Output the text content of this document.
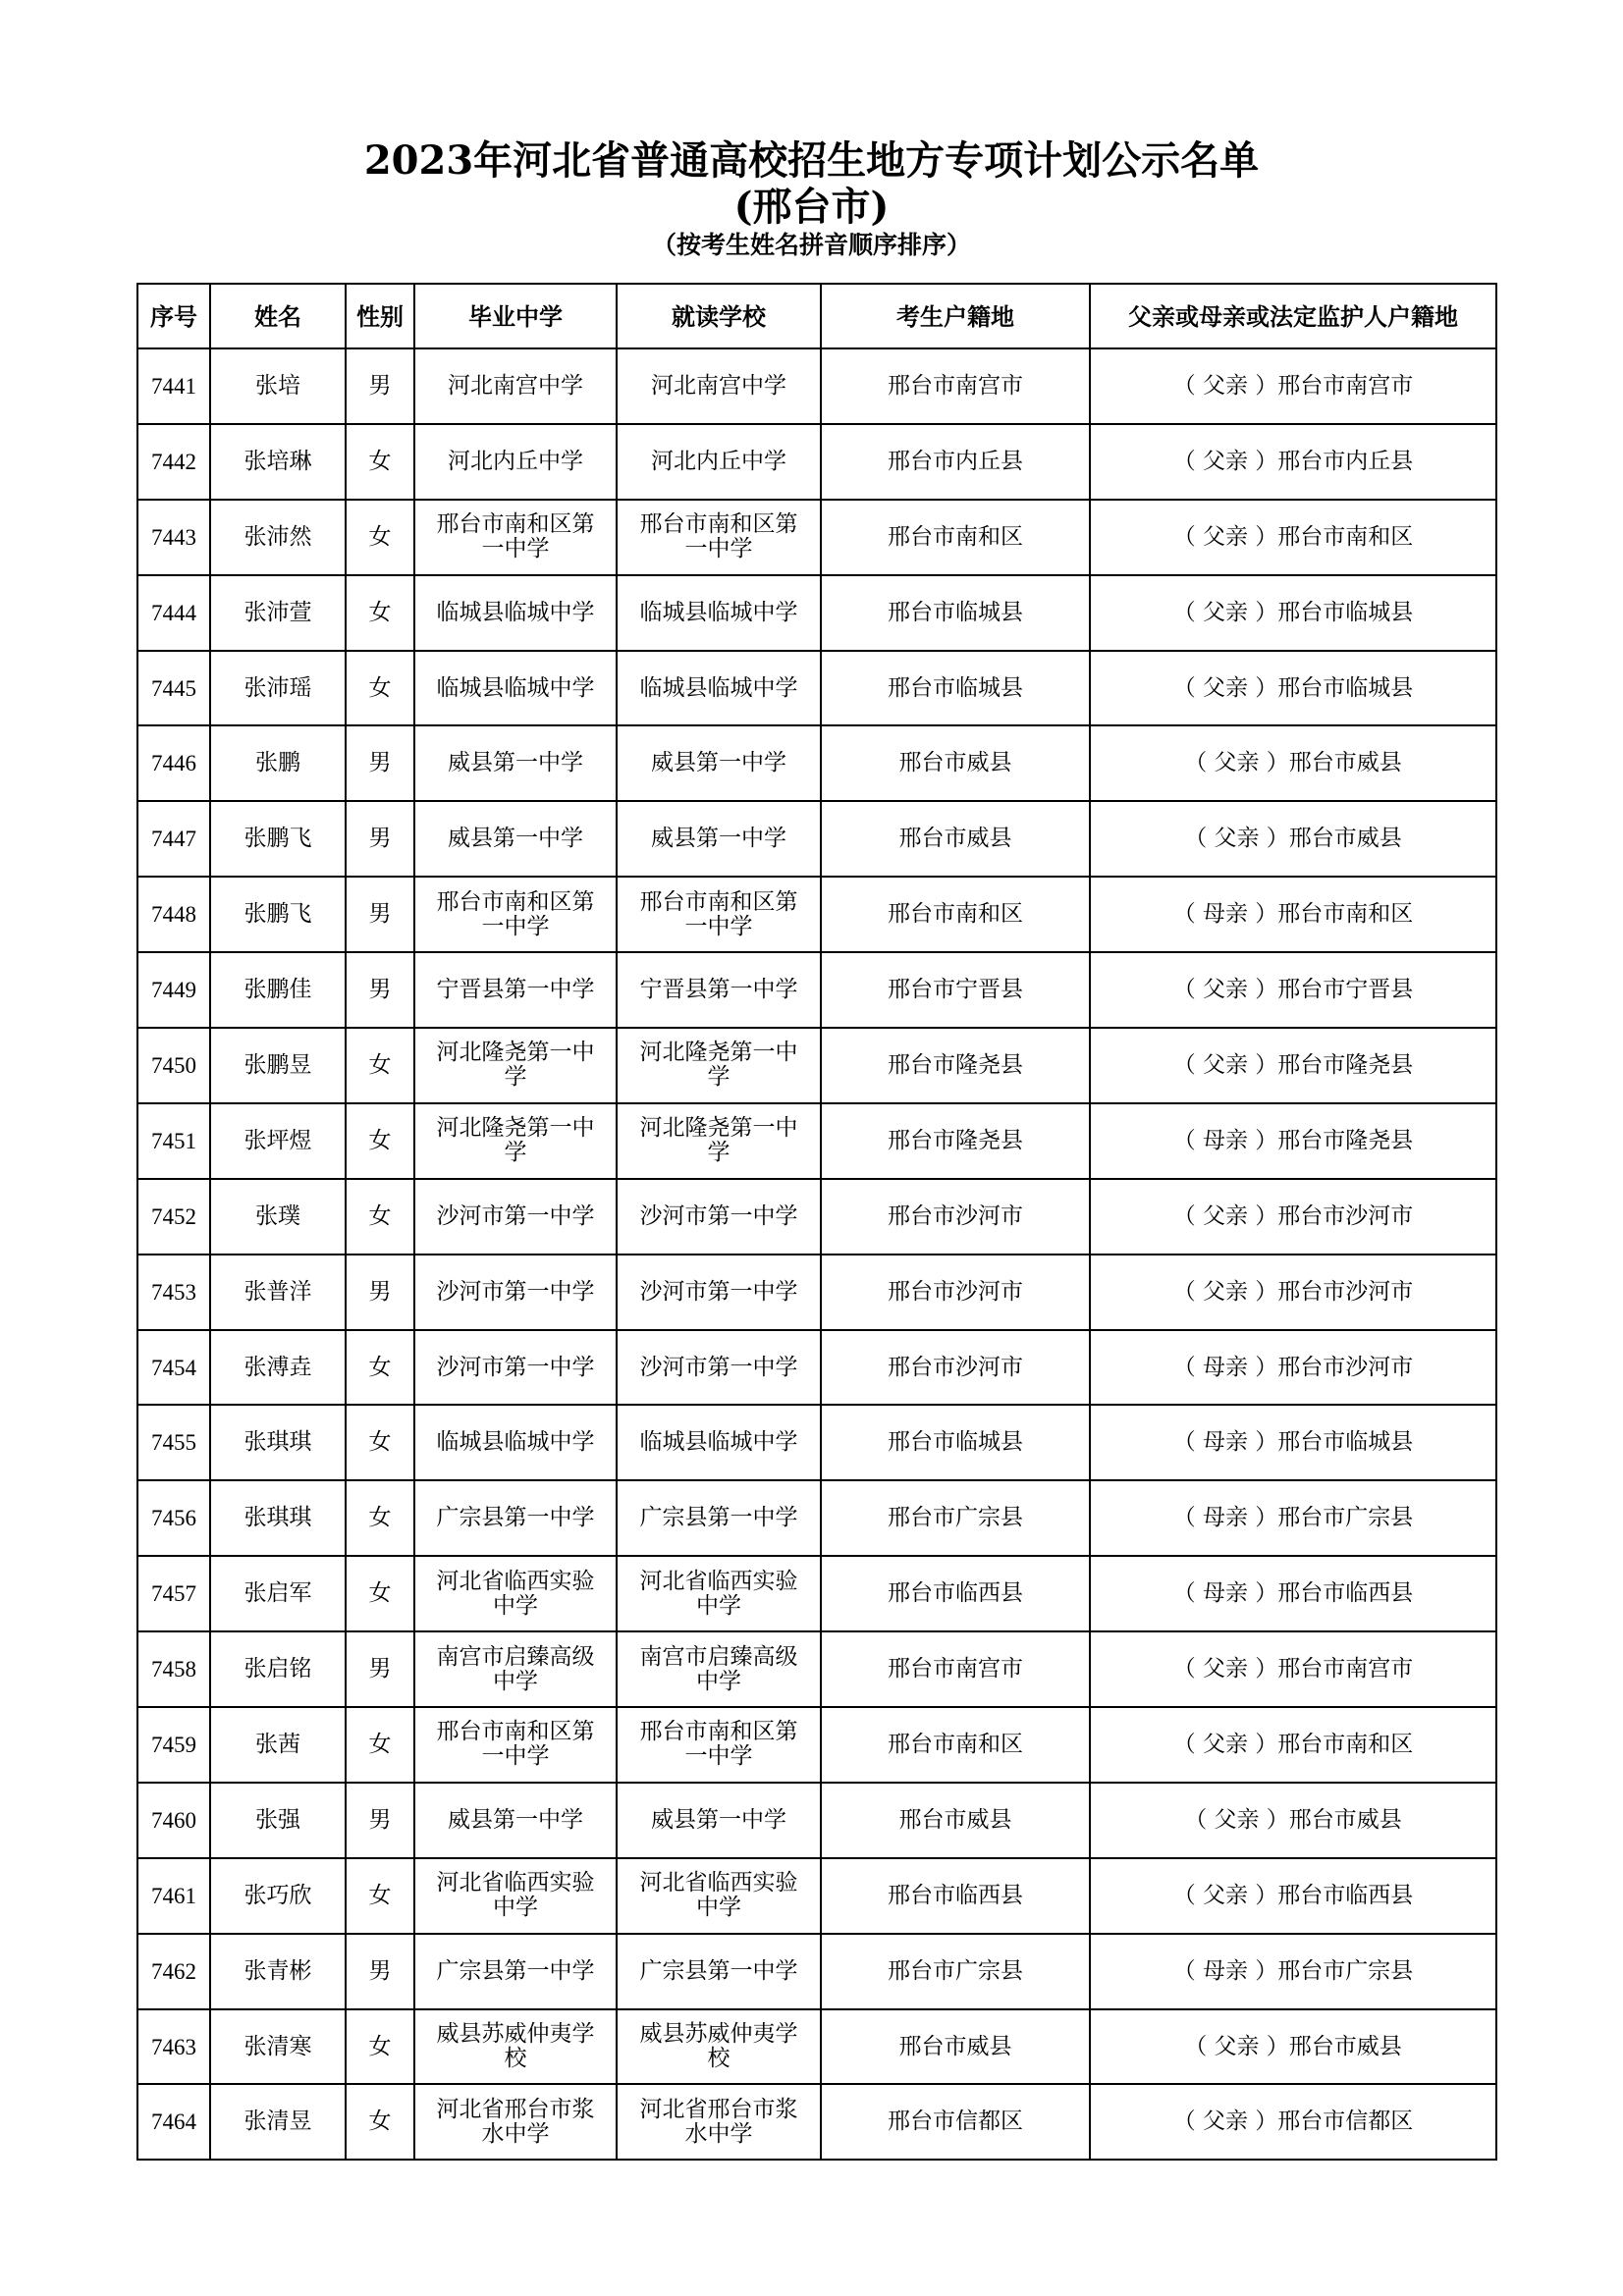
2023年河北省普通高校招生地方专项计划公示名单
(邢台市)
（按考生姓名拼音顺序排序）
序号	姓名	性别	毕业中学	就读学校	考生户籍地	父亲或母亲或法定监护人户籍地
7441	张培	男	河北南宫中学	河北南宫中学	邢台市南宫市	（ 父亲 ）邢台市南宫市
7442	张培琳	女	河北内丘中学	河北内丘中学	邢台市内丘县	（ 父亲 ）邢台市内丘县
7443	张沛然	女	邢台市南和区第一中学	邢台市南和区第一中学	邢台市南和区	（ 父亲 ）邢台市南和区
7444	张沛萱	女	临城县临城中学	临城县临城中学	邢台市临城县	（ 父亲 ）邢台市临城县
7445	张沛瑶	女	临城县临城中学	临城县临城中学	邢台市临城县	（ 父亲 ）邢台市临城县
7446	张鹏	男	威县第一中学	威县第一中学	邢台市威县	（ 父亲 ）邢台市威县
7447	张鹏飞	男	威县第一中学	威县第一中学	邢台市威县	（ 父亲 ）邢台市威县
7448	张鹏飞	男	邢台市南和区第一中学	邢台市南和区第一中学	邢台市南和区	（ 母亲 ）邢台市南和区
7449	张鹏佳	男	宁晋县第一中学	宁晋县第一中学	邢台市宁晋县	（ 父亲 ）邢台市宁晋县
7450	张鹏昱	女	河北隆尧第一中学	河北隆尧第一中学	邢台市隆尧县	（ 父亲 ）邢台市隆尧县
7451	张坪煜	女	河北隆尧第一中学	河北隆尧第一中学	邢台市隆尧县	（ 母亲 ）邢台市隆尧县
7452	张璞	女	沙河市第一中学	沙河市第一中学	邢台市沙河市	（ 父亲 ）邢台市沙河市
7453	张普洋	男	沙河市第一中学	沙河市第一中学	邢台市沙河市	（ 父亲 ）邢台市沙河市
7454	张溥垚	女	沙河市第一中学	沙河市第一中学	邢台市沙河市	（ 母亲 ）邢台市沙河市
7455	张琪琪	女	临城县临城中学	临城县临城中学	邢台市临城县	（ 母亲 ）邢台市临城县
7456	张琪琪	女	广宗县第一中学	广宗县第一中学	邢台市广宗县	（ 母亲 ）邢台市广宗县
7457	张启军	女	河北省临西实验中学	河北省临西实验中学	邢台市临西县	（ 母亲 ）邢台市临西县
7458	张启铭	男	南宫市启臻高级中学	南宫市启臻高级中学	邢台市南宫市	（ 父亲 ）邢台市南宫市
7459	张茜	女	邢台市南和区第一中学	邢台市南和区第一中学	邢台市南和区	（ 父亲 ）邢台市南和区
7460	张强	男	威县第一中学	威县第一中学	邢台市威县	（ 父亲 ）邢台市威县
7461	张巧欣	女	河北省临西实验中学	河北省临西实验中学	邢台市临西县	（ 父亲 ）邢台市临西县
7462	张青彬	男	广宗县第一中学	广宗县第一中学	邢台市广宗县	（ 母亲 ）邢台市广宗县
7463	张清寒	女	威县苏威仲夷学校	威县苏威仲夷学校	邢台市威县	（ 父亲 ）邢台市威县
7464	张清昱	女	河北省邢台市浆水中学	河北省邢台市浆水中学	邢台市信都区	（ 父亲 ）邢台市信都区
